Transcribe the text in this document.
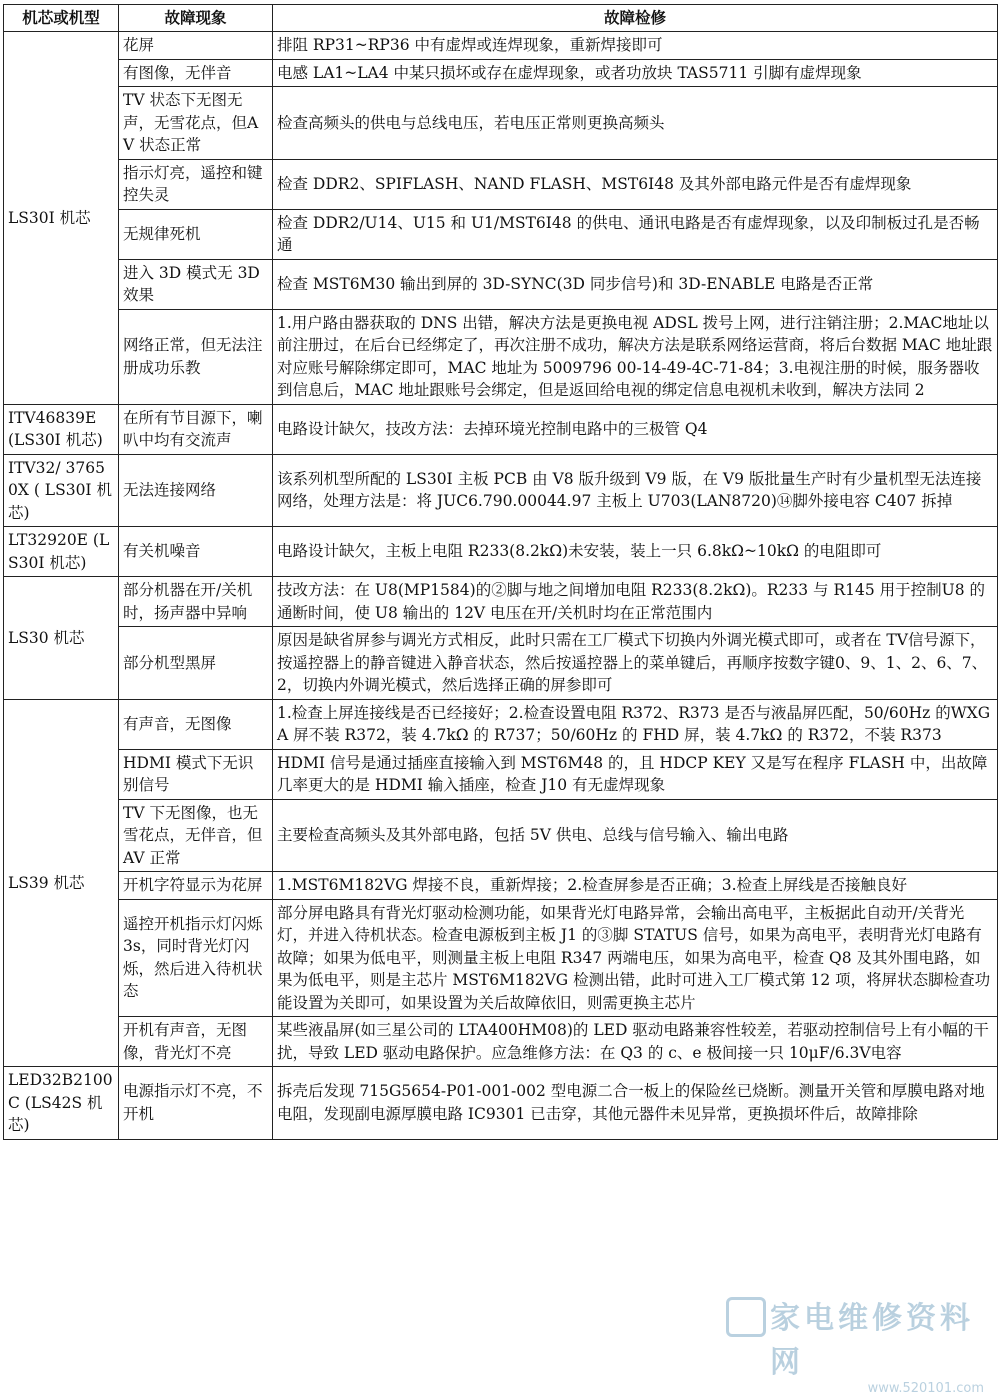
机芯或机型	故障现象	故障检修
LS30I 机芯	花屏	排阻 RP31~RP36 中有虚焊或连焊现象，重新焊接即可
	有图像，无伴音	电感 LA1~LA4 中某只损坏或存在虚焊现象，或者功放块 TAS5711 引脚有虚焊现象
	TV 状态下无图无声，无雪花点，但AV 状态正常	检查高频头的供电与总线电压，若电压正常则更换高频头
	指示灯亮，遥控和键控失灵	检查 DDR2、SPIFLASH、NAND FLASH、MST6I48 及其外部电路元件是否有虚焊现象
	无规律死机	检查 DDR2/U14、U15 和 U1/MST6I48 的供电、通讯电路是否有虚焊现象，以及印制板过孔是否畅通
	进入 3D 模式无 3D效果	检查 MST6M30 输出到屏的 3D-SYNC(3D 同步信号)和 3D-ENABLE 电路是否正常
	网络正常，但无法注册成功乐教	1.用户路由器获取的 DNS 出错，解决方法是更换电视 ADSL 拨号上网，进行注销注册；2.MAC地址以前注册过，在后台已经绑定了，再次注册不成功，解决方法是联系网络运营商，将后台数据 MAC 地址跟对应账号解除绑定即可，MAC 地址为 5009796 00-14-49-4C-71-84；3.电视注册的时候，服务器收到信息后，MAC 地址跟账号会绑定，但是返回给电视的绑定信息电视机未收到，解决方法同 2
ITV46839E (LS30I 机芯)	在所有节目源下，喇叭中均有交流声	电路设计缺欠，技改方法：去掉环境光控制电路中的三极管 Q4
ITV32/ 37650X ( LS30I 机芯)	无法连接网络	该系列机型所配的 LS30I 主板 PCB 由 V8 版升级到 V9 版，在 V9 版批量生产时有少量机型无法连接网络，处理方法是：将 JUC6.790.00044.97 主板上 U703(LAN8720)⑭脚外接电容 C407 拆掉
LT32920E (LS30I 机芯)	有关机噪音	电路设计缺欠，主板上电阻 R233(8.2kΩ)未安装，装上一只 6.8kΩ~10kΩ 的电阻即可
LS30 机芯	部分机器在开/关机时，扬声器中异响	技改方法：在 U8(MP1584)的②脚与地之间增加电阻 R233(8.2kΩ)。R233 与 R145 用于控制U8 的通断时间，使 U8 输出的 12V 电压在开/关机时均在正常范围内
	部分机型黑屏	原因是缺省屏参与调光方式相反，此时只需在工厂模式下切换内外调光模式即可，或者在 TV信号源下，按遥控器上的静音键进入静音状态，然后按遥控器上的菜单键后，再顺序按数字键0、9、1、2、6、7、2，切换内外调光模式，然后选择正确的屏参即可
LS39 机芯	有声音，无图像	1.检查上屏连接线是否已经接好；2.检查设置电阻 R372、R373 是否与液晶屏匹配，50/60Hz 的WXGA 屏不装 R372，装 4.7kΩ 的 R737；50/60Hz 的 FHD 屏，装 4.7kΩ 的 R372，不装 R373
	HDMI 模式下无识别信号	HDMI 信号是通过插座直接输入到 MST6M48 的，且 HDCP KEY 又是写在程序 FLASH 中，出故障几率更大的是 HDMI 输入插座，检查 J10 有无虚焊现象
	TV 下无图像，也无雪花点，无伴音，但AV 正常	主要检查高频头及其外部电路，包括 5V 供电、总线与信号输入、输出电路
	开机字符显示为花屏	1.MST6M182VG 焊接不良，重新焊接；2.检查屏参是否正确；3.检查上屏线是否接触良好
	遥控开机指示灯闪烁 3s，同时背光灯闪烁，然后进入待机状态	部分屏电路具有背光灯驱动检测功能，如果背光灯电路异常，会输出高电平，主板据此自动开/关背光灯，并进入待机状态。检查电源板到主板 J1 的③脚 STATUS 信号，如果为高电平，表明背光灯电路有故障；如果为低电平，则测量主板上电阻 R347 两端电压，如果为高电平，检查 Q8 及其外围电路，如果为低电平，则是主芯片 MST6M182VG 检测出错，此时可进入工厂模式第 12 项，将屏状态脚检查功能设置为关即可，如果设置为关后故障依旧，则需更换主芯片
	开机有声音，无图像，背光灯不亮	某些液晶屏(如三星公司的 LTA400HM08)的 LED 驱动电路兼容性较差，若驱动控制信号上有小幅的干扰，导致 LED 驱动电路保护。应急维修方法：在 Q3 的 c、e 极间接一只 10μF/6.3V电容
LED32B2100C (LS42S 机芯)	电源指示灯不亮，不开机	拆壳后发现 715G5654-P01-001-002 型电源二合一板上的保险丝已烧断。测量开关管和厚膜电路对地电阻，发现副电源厚膜电路 IC9301 已击穿，其他元器件未见异常，更换损坏件后，故障排除
家电维修资料网
www.520101.com
